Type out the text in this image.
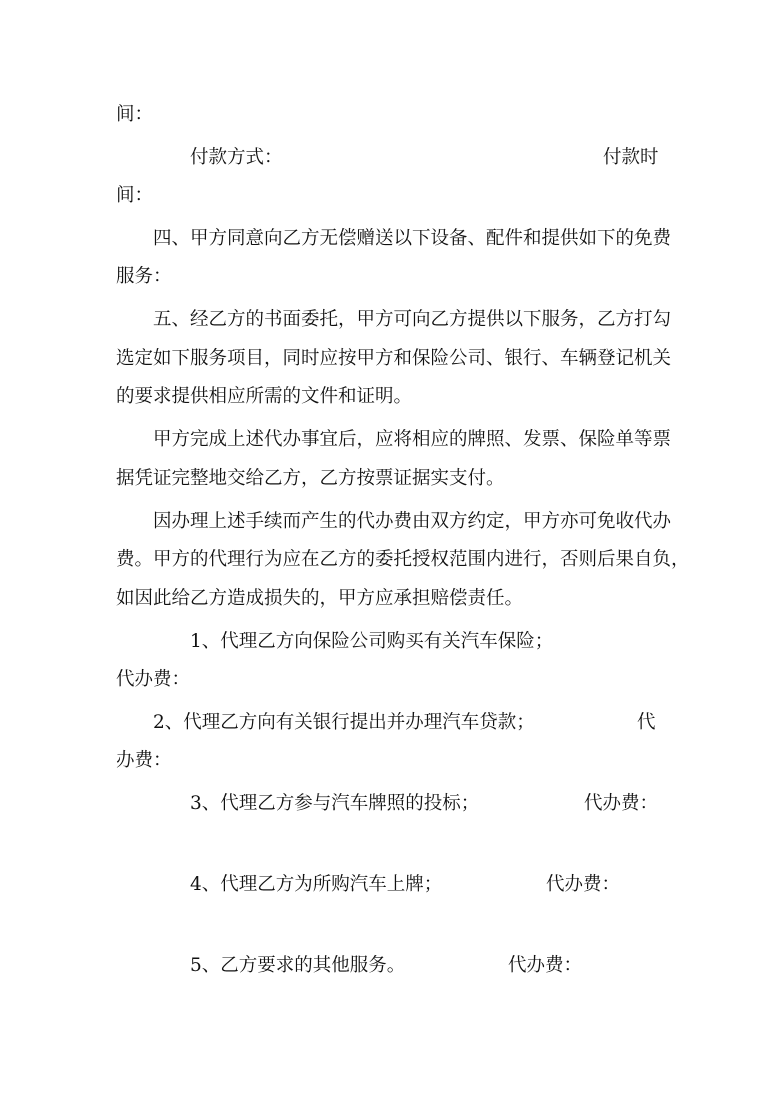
间：
付款方式：	付款时
间：
四、甲方同意向乙方无偿赠送以下设备、配件和提供如下的免费
服务：
五、经乙方的书面委托，甲方可向乙方提供以下服务，乙方打勾
选定如下服务项目，同时应按甲方和保险公司、银行、车辆登记机关
的要求提供相应所需的文件和证明。
甲方完成上述代办事宜后，应将相应的牌照、发票、保险单等票
据凭证完整地交给乙方，乙方按票证据实支付。
因办理上述手续而产生的代办费由双方约定，甲方亦可免收代办
费。甲方的代理行为应在乙方的委托授权范围内进行，否则后果自负，
如因此给乙方造成损失的，甲方应承担赔偿责任。
1、代理乙方向保险公司购买有关汽车保险；
代办费：
2、代理乙方向有关银行提出并办理汽车贷款；	代
办费：
3、代理乙方参与汽车牌照的投标；	代办费：
4、代理乙方为所购汽车上牌；	代办费：
5、乙方要求的其他服务。	代办费：
